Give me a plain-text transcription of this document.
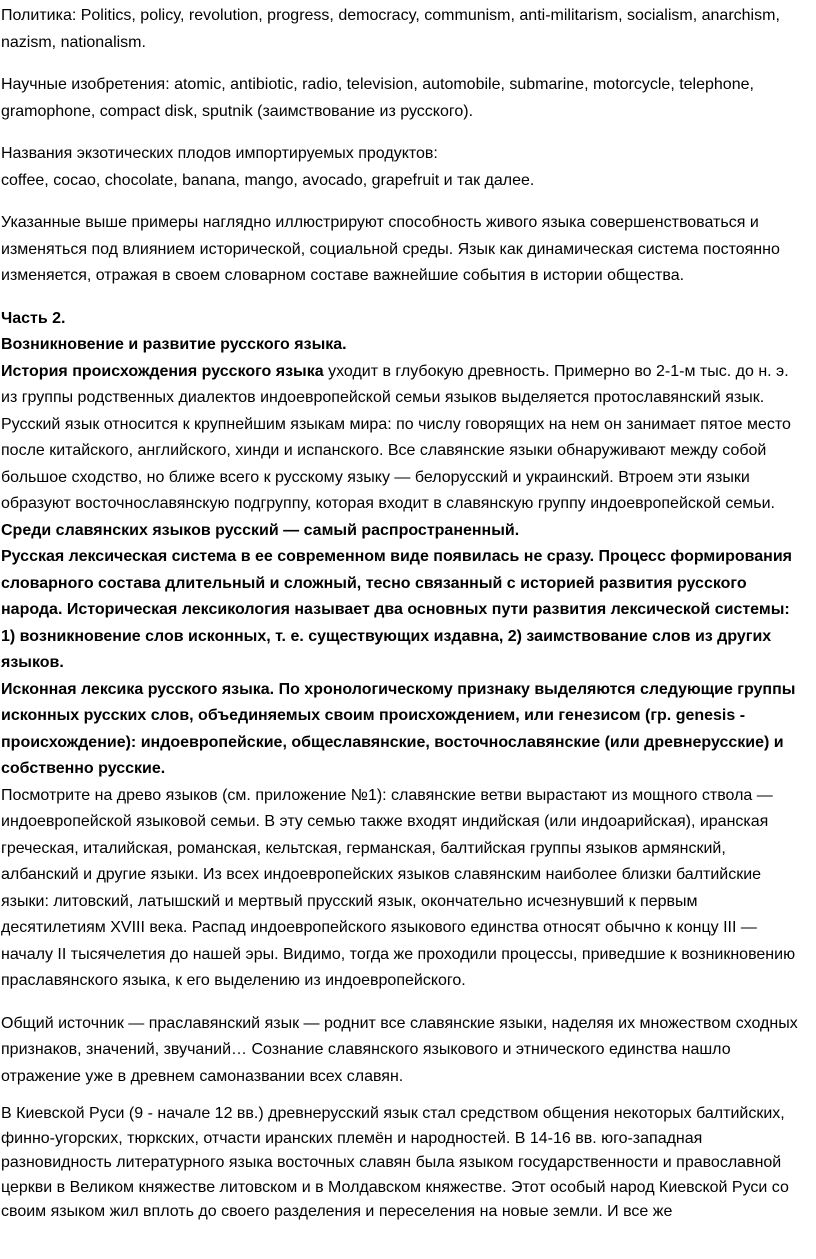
Политика: Politics, policy, revolution, progress, democracy, communism, anti-militarism, socialism, anarchism, nazism, nationalism.

Научные изобретения: atomic, antibiotic, radio, television, automobile, submarine, motorcycle, telephone, gramophone, compact disk, sputnik (заимствование из русского).

Названия экзотических плодов импортируемых продуктов:
coffee, cocao, chocolate, banana, mango, avocado, grapefruit и так далее.

Указанные выше примеры наглядно иллюстрируют способность живого языка совершенствоваться и изменяться под влиянием исторической, социальной среды. Язык как динамическая система постоянно изменяется, отражая в своем словарном составе важнейшие события в истории общества.

Часть 2.

Возникновение и развитие русского языка.

История происхождения русского языка уходит в глубокую древность. Примерно во 2-1-м тыс. до н. э. из группы родственных диалектов индоевропейской семьи языков выделяется протославянский язык. Русский язык относится к крупнейшим языкам мира: по числу говорящих на нем он занимает пятое место после китайского, английского, хинди и испанского. Все славянские языки обнаруживают между собой большое сходство, но ближе всего к русскому языку — белорусский и украинский. Втроем эти языки образуют восточнославянскую подгруппу, которая входит в славянскую группу индоевропейской семьи. Среди славянских языков русский — самый распространенный.

Русская лексическая система в ее современном виде появилась не сразу. Процесс формирования словарного состава длительный и сложный, тесно связанный с историей развития русского народа. Историческая лексикология называет два основных пути развития лексической системы: 1) возникновение слов исконных, т. е. существующих издавна, 2) заимствование слов из других языков.

Исконная лексика русского языка. По хронологическому признаку выделяются следующие группы исконных русских слов, объединяемых своим происхождением, или генезисом (гр. genesis - происхождение): индоевропейские, общеславянские, восточнославянские (или древнерусские) и собственно русские.

Посмотрите на древо языков (см. приложение №1): славянские ветви вырастают из мощного ствола — индоевропейской языковой семьи. В эту семью также входят индийская (или индоарийская), иранская греческая, италийская, романская, кельтская, германская, балтийская группы языков армянский, албанский и другие языки. Из всех индоевропейских языков славянским наиболее близки балтийские языки: литовский, латышский и мертвый прусский язык, окончательно исчезнувший к первым десятилетиям XVIII века. Распад индоевропейского языкового единства относят обычно к концу III — началу II тысячелетия до нашей эры. Видимо, тогда же проходили процессы, приведшие к возникновению праславянского языка, к его выделению из индоевропейского.

Общий источник — праславянский язык — роднит все славянские языки, наделяя их множеством сходных признаков, значений, звучаний… Сознание славянского языкового и этнического единства нашло отражение уже в древнем самоназвании всех славян.

В Киевской Руси (9 - начале 12 вв.) древнерусский язык стал средством общения некоторых балтийских, финно-угорских, тюркских, отчасти иранских племён и народностей. В 14-16 вв. юго-западная разновидность литературного языка восточных славян была языком государственности и православной церкви в Великом княжестве литовском и в Молдавском княжестве. Этот особый народ Киевской Руси со своим языком жил вплоть до своего разделения и переселения на новые земли. И все же
